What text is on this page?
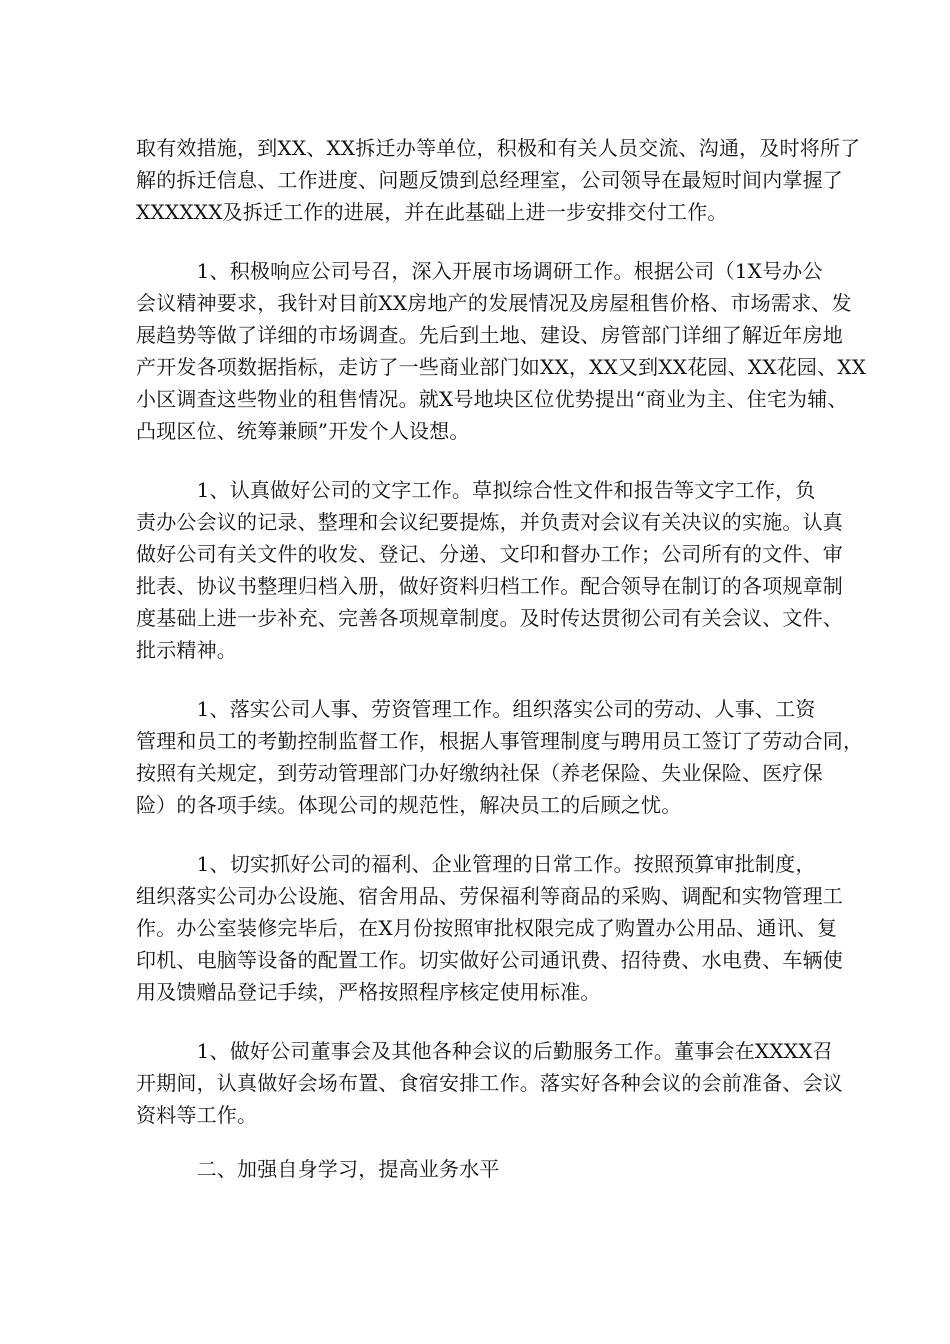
取有效措施，到XX、XX拆迁办等单位，积极和有关人员交流、沟通，及时将所了
解的拆迁信息、工作进度、问题反馈到总经理室，公司领导在最短时间内掌握了
XXXXXX及拆迁工作的进展，并在此基础上进一步安排交付工作。
　　　1、积极响应公司号召，深入开展市场调研工作。根据公司（1X号办公
会议精神要求，我针对目前XX房地产的发展情况及房屋租售价格、市场需求、发
展趋势等做了详细的市场调查。先后到土地、建设、房管部门详细了解近年房地
产开发各项数据指标，走访了一些商业部门如XX，XX又到XX花园、XX花园、XX
小区调查这些物业的租售情况。就X号地块区位优势提出“商业为主、住宅为辅、
凸现区位、统筹兼顾”开发个人设想。
　　　1、认真做好公司的文字工作。草拟综合性文件和报告等文字工作，负
责办公会议的记录、整理和会议纪要提炼，并负责对会议有关决议的实施。认真
做好公司有关文件的收发、登记、分递、文印和督办工作；公司所有的文件、审
批表、协议书整理归档入册，做好资料归档工作。配合领导在制订的各项规章制
度基础上进一步补充、完善各项规章制度。及时传达贯彻公司有关会议、文件、
批示精神。
　　　1、落实公司人事、劳资管理工作。组织落实公司的劳动、人事、工资
管理和员工的考勤控制监督工作，根据人事管理制度与聘用员工签订了劳动合同，
按照有关规定，到劳动管理部门办好缴纳社保（养老保险、失业保险、医疗保
险）的各项手续。体现公司的规范性，解决员工的后顾之忧。
　　　1、切实抓好公司的福利、企业管理的日常工作。按照预算审批制度，
组织落实公司办公设施、宿舍用品、劳保福利等商品的采购、调配和实物管理工
作。办公室装修完毕后，在X月份按照审批权限完成了购置办公用品、通讯、复
印机、电脑等设备的配置工作。切实做好公司通讯费、招待费、水电费、车辆使
用及馈赠品登记手续，严格按照程序核定使用标准。
　　　1、做好公司董事会及其他各种会议的后勤服务工作。董事会在XXXX召
开期间，认真做好会场布置、食宿安排工作。落实好各种会议的会前准备、会议
资料等工作。
　　　二、加强自身学习，提高业务水平
